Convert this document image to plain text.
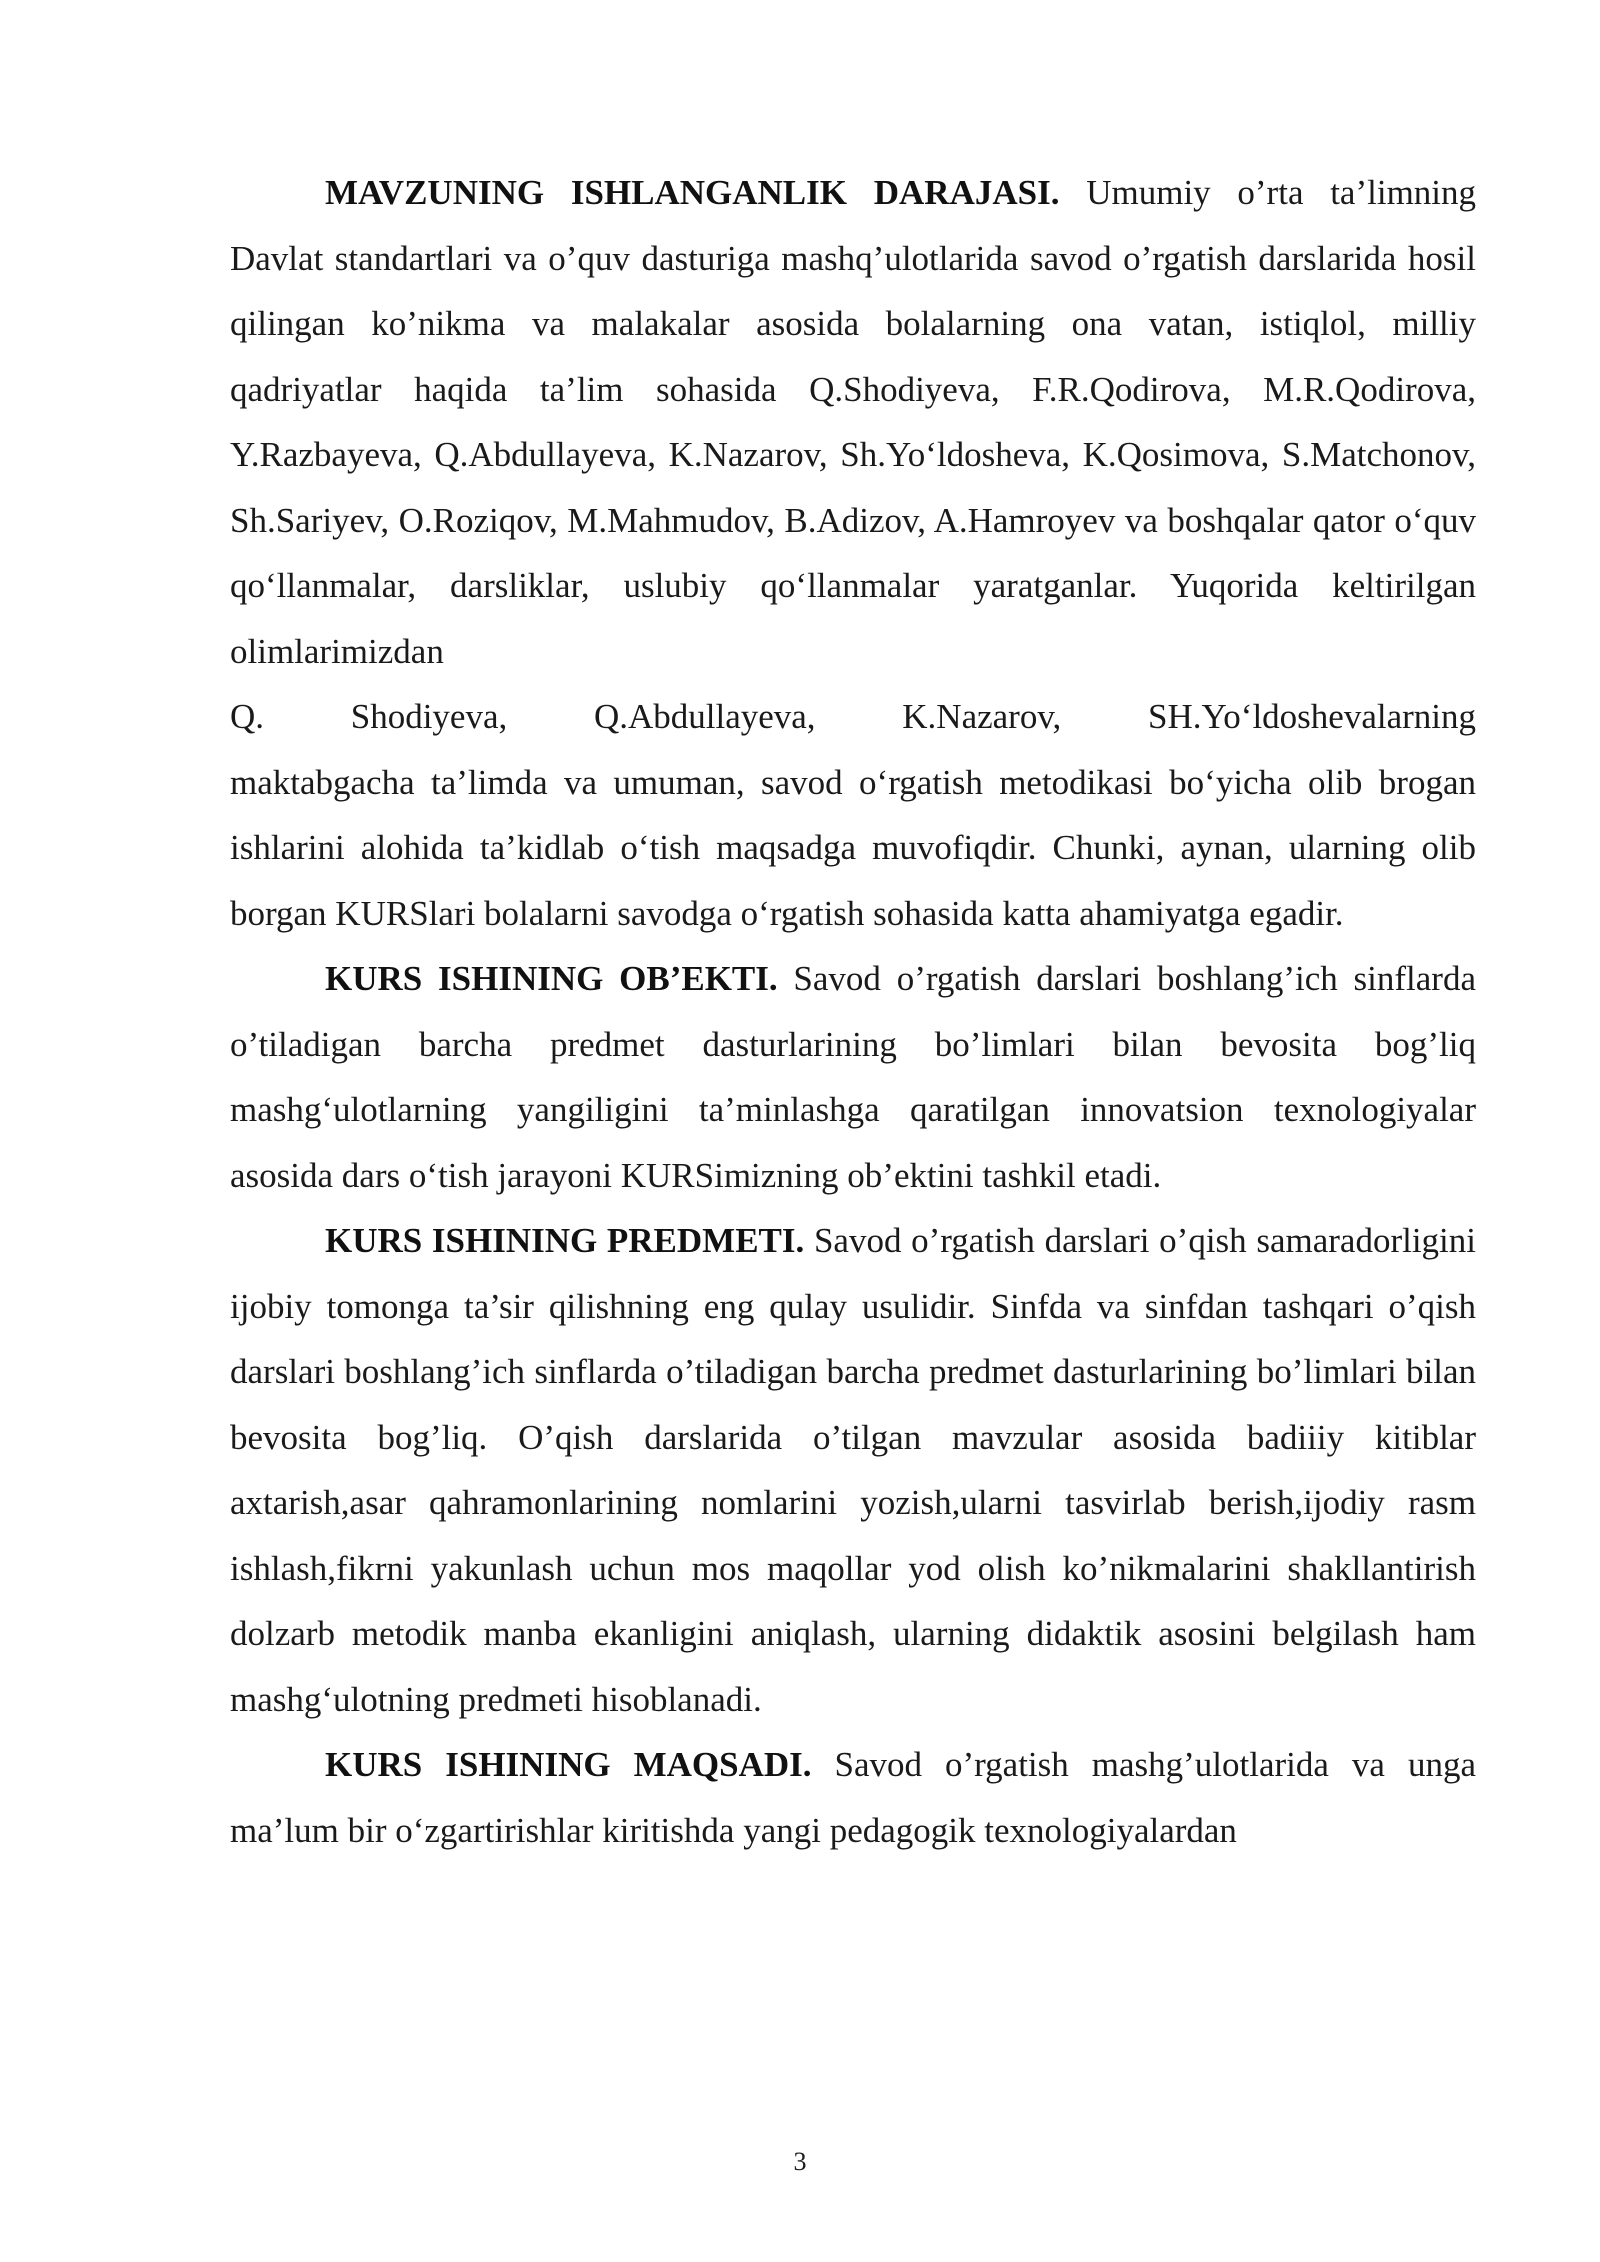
MAVZUNING ISHLANGANLIK DARAJASI. Umumiy o’rta ta’limning Davlat standartlari va o’quv dasturiga mashq’ulotlarida savod o’rgatish darslarida hosil qilingan ko’nikma va malakalar asosida bolalarning ona vatan, istiqlol, milliy qadriyatlar haqida ta’lim sohasida Q.Shodiyeva, F.R.Qodirova, M.R.Qodirova, Y.Razbayeva, Q.Abdullayeva, K.Nazarov, Sh.Yo‘ldosheva, K.Qosimova, S.Matchonov, Sh.Sariyev, O.Roziqov, M.Mahmudov, B.Adizov, A.Hamroyev va boshqalar qator o‘quv qo‘llanmalar, darsliklar, uslubiy qo‘llanmalar yaratganlar. Yuqorida keltirilgan olimlarimizdan

Q. Shodiyeva, Q.Abdullayeva, K.Nazarov, SH.Yo‘ldoshevalarning
maktabgacha ta’limda va umuman, savod o‘rgatish metodikasi bo‘yicha olib brogan ishlarini alohida ta’kidlab o‘tish maqsadga muvofiqdir. Chunki, aynan, ularning olib borgan KURSlari bolalarni savodga o‘rgatish sohasida katta ahamiyatga egadir.

KURS ISHINING OB’EKTI. Savod o’rgatish darslari boshlang’ich sinflarda o’tiladigan barcha predmet dasturlarining bo’limlari bilan bevosita bog’liq mashg‘ulotlarning yangiligini ta’minlashga qaratilgan innovatsion texnologiyalar asosida dars o‘tish jarayoni KURSimizning ob’ektini tashkil etadi.

KURS ISHINING PREDMETI. Savod o’rgatish darslari o’qish samaradorligini ijobiy tomonga ta’sir qilishning eng qulay usulidir. Sinfda va sinfdan tashqari o’qish darslari boshlang’ich sinflarda o’tiladigan barcha predmet dasturlarining bo’limlari bilan bevosita bog’liq. O’qish darslarida o’tilgan mavzular asosida badiiiy kitiblar axtarish,asar qahramonlarining nomlarini yozish,ularni tasvirlab berish,ijodiy rasm ishlash,fikrni yakunlash uchun mos maqollar yod olish ko’nikmalarini shakllantirish dolzarb metodik manba ekanligini aniqlash, ularning didaktik asosini belgilash ham mashg‘ulotning predmeti hisoblanadi.

KURS ISHINING MAQSADI. Savod o’rgatish mashg’ulotlarida va unga ma’lum bir o‘zgartirishlar kiritishda yangi pedagogik texnologiyalardan

3
